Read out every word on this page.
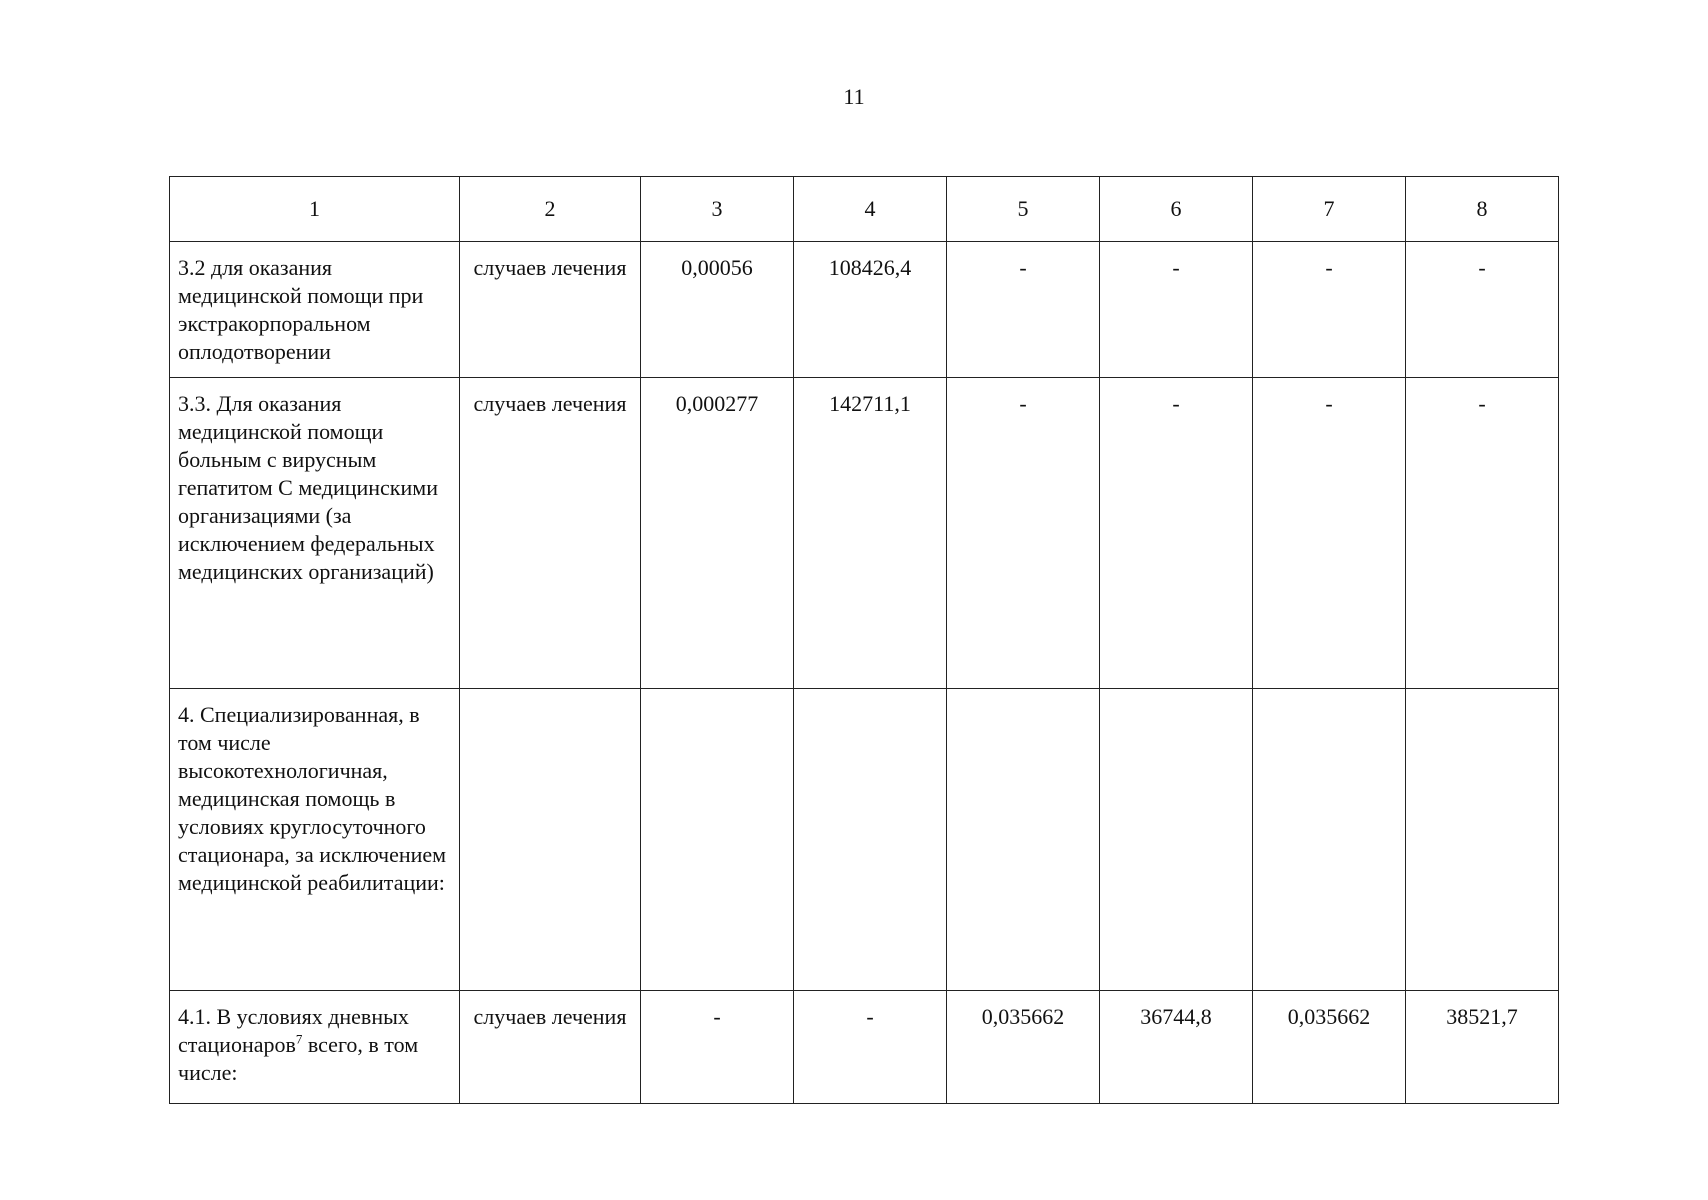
11
1	2	3	4	5	6	7	8
3.2 для оказания медицинской помощи при экстракорпоральном оплодотворении	случаев лечения	0,00056	108426,4	-	-	-	-
3.3. Для оказания медицинской помощи больным с вирусным гепатитом С медицинскими организациями (за исключением федеральных медицинских организаций)	случаев лечения	0,000277	142711,1	-	-	-	-
4. Специализированная, в том числе высокотехнологичная, медицинская помощь в условиях круглосуточного стационара, за исключением медицинской реабилитации:							
4.1. В условиях дневных стационаров$^7$ всего, в том числе:	случаев лечения	-	-	0,035662	36744,8	0,035662	38521,7
